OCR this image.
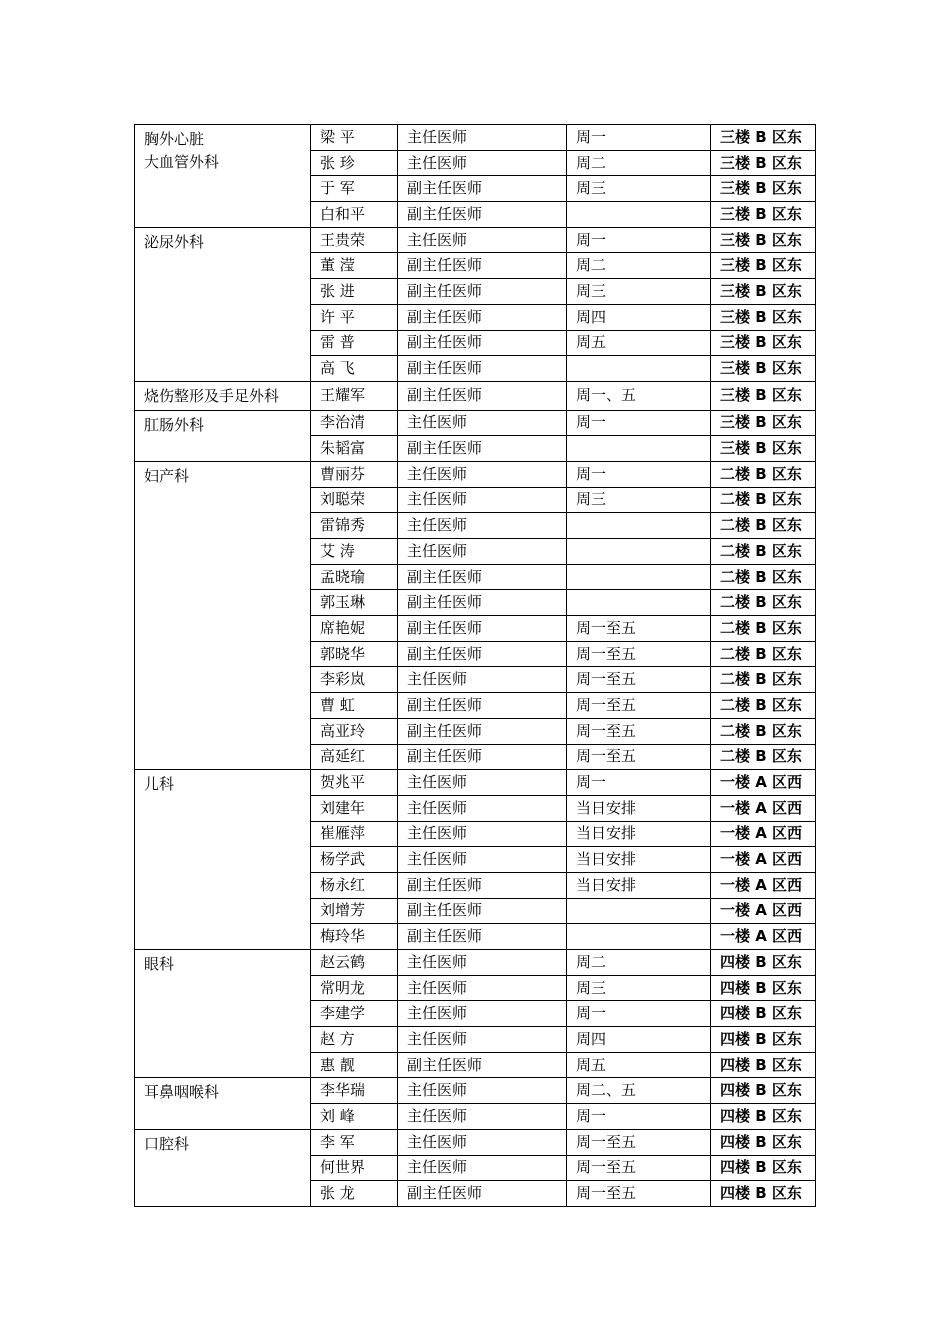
胸外心脏
大血管外科	梁 平	主任医师	周一	三楼 B 区东
	张 珍	主任医师	周二	三楼 B 区东
	于 军	副主任医师	周三	三楼 B 区东
	白和平	副主任医师		三楼 B 区东

泌尿外科	王贵荣	主任医师	周一	三楼 B 区东
	董 滢	副主任医师	周二	三楼 B 区东
	张 进	副主任医师	周三	三楼 B 区东
	许 平	副主任医师	周四	三楼 B 区东
	雷 普	副主任医师	周五	三楼 B 区东
	高 飞	副主任医师		三楼 B 区东

烧伤整形及手足外科	王耀军	副主任医师	周一、五	三楼 B 区东

肛肠外科	李治清	主任医师	周一	三楼 B 区东
	朱韬富	副主任医师		三楼 B 区东

妇产科	曹丽芬	主任医师	周一	二楼 B 区东
	刘聪荣	主任医师	周三	二楼 B 区东
	雷锦秀	主任医师		二楼 B 区东
	艾 涛	主任医师		二楼 B 区东
	孟晓瑜	副主任医师		二楼 B 区东
	郭玉琳	副主任医师		二楼 B 区东
	席艳妮	副主任医师	周一至五	二楼 B 区东
	郭晓华	副主任医师	周一至五	二楼 B 区东
	李彩岚	主任医师	周一至五	二楼 B 区东
	曹 虹	副主任医师	周一至五	二楼 B 区东
	高亚玲	副主任医师	周一至五	二楼 B 区东
	高延红	副主任医师	周一至五	二楼 B 区东

儿科	贺兆平	主任医师	周一	一楼 A 区西
	刘建年	主任医师	当日安排	一楼 A 区西
	崔雁萍	主任医师	当日安排	一楼 A 区西
	杨学武	主任医师	当日安排	一楼 A 区西
	杨永红	副主任医师	当日安排	一楼 A 区西
	刘增芳	副主任医师		一楼 A 区西
	梅玲华	副主任医师		一楼 A 区西

眼科	赵云鹤	主任医师	周二	四楼 B 区东
	常明龙	主任医师	周三	四楼 B 区东
	李建学	主任医师	周一	四楼 B 区东
	赵 方	主任医师	周四	四楼 B 区东
	惠 靓	副主任医师	周五	四楼 B 区东

耳鼻咽喉科	李华瑞	主任医师	周二、五	四楼 B 区东
	刘 峰	主任医师	周一	四楼 B 区东

口腔科	李 军	主任医师	周一至五	四楼 B 区东
	何世界	主任医师	周一至五	四楼 B 区东
	张 龙	副主任医师	周一至五	四楼 B 区东
